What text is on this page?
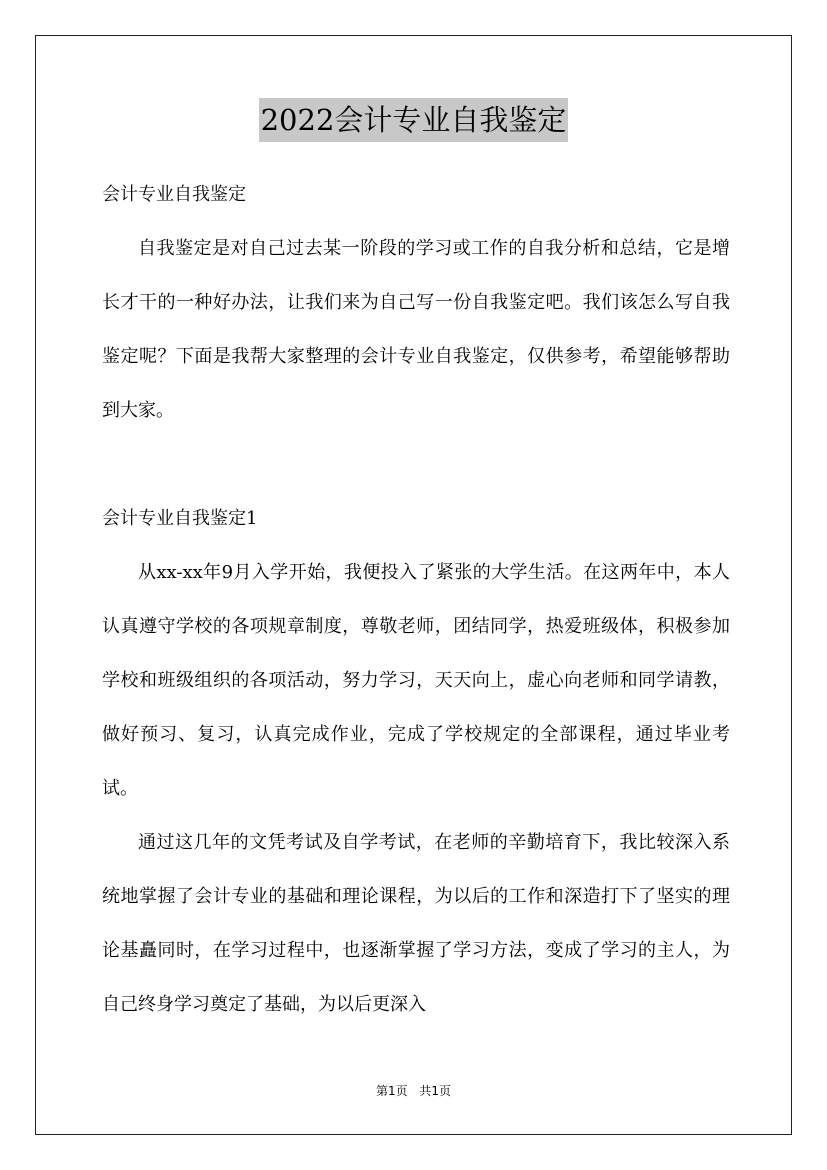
2022会计专业自我鉴定

会计专业自我鉴定

自我鉴定是对自己过去某一阶段的学习或工作的自我分析和总结，它是增长才干的一种好办法，让我们来为自己写一份自我鉴定吧。我们该怎么写自我鉴定呢？下面是我帮大家整理的会计专业自我鉴定，仅供参考，希望能够帮助到大家。

会计专业自我鉴定1

从xx-xx年9月入学开始，我便投入了紧张的大学生活。在这两年中，本人认真遵守学校的各项规章制度，尊敬老师，团结同学，热爱班级体，积极参加学校和班级组织的各项活动，努力学习，天天向上，虚心向老师和同学请教，做好预习、复习，认真完成作业，完成了学校规定的全部课程，通过毕业考试。

通过这几年的文凭考试及自学考试，在老师的辛勤培育下，我比较深入系统地掌握了会计专业的基础和理论课程，为以后的工作和深造打下了坚实的理论基矗同时，在学习过程中，也逐渐掌握了学习方法，变成了学习的主人，为自己终身学习奠定了基础，为以后更深入

第1页 共1页
